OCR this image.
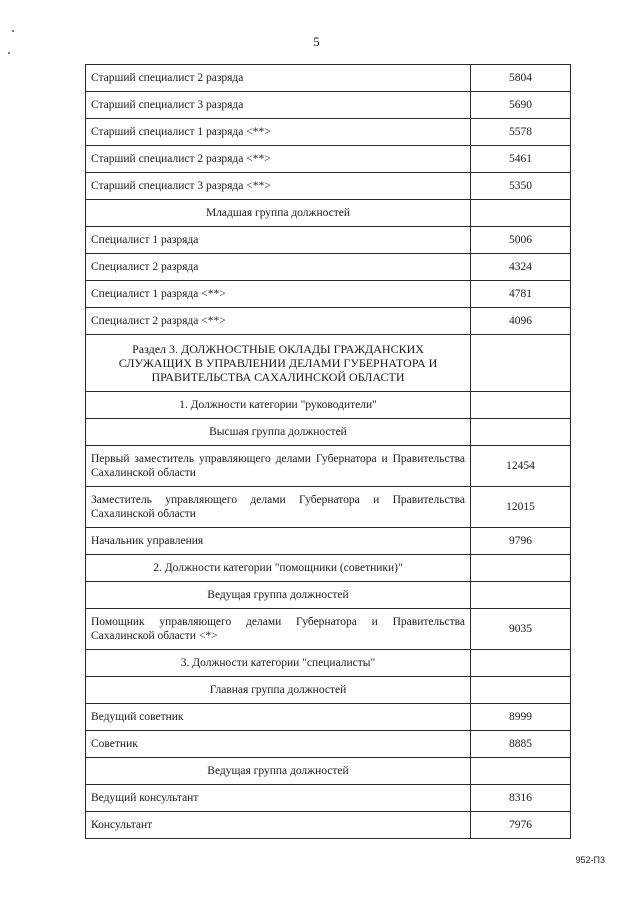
5
Старший специалист 2 разряда	5804
Старший специалист 3 разряда	5690
Старший специалист 1 разряда <**>	5578
Старший специалист 2 разряда <**>	5461
Старший специалист 3 разряда <**>	5350
Младшая группа должностей	
Специалист 1 разряда	5006
Специалист 2 разряда	4324
Специалист 1 разряда <**>	4781
Специалист 2 разряда <**>	4096
Раздел 3. ДОЛЖНОСТНЫЕ ОКЛАДЫ ГРАЖДАНСКИХ СЛУЖАЩИХ В УПРАВЛЕНИИ ДЕЛАМИ ГУБЕРНАТОРА И ПРАВИТЕЛЬСТВА САХАЛИНСКОЙ ОБЛАСТИ	
1. Должности категории "руководители"	
Высшая группа должностей	
Первый заместитель управляющего делами Губернатора и Правительства Сахалинской области	12454
Заместитель управляющего делами Губернатора и Правительства Сахалинской области	12015
Начальник управления	9796
2. Должности категории "помощники (советники)"	
Ведущая группа должностей	
Помощник управляющего делами Губернатора и Правительства Сахалинской области <*>	9035
3. Должности категории "специалисты"	
Главная группа должностей	
Ведущий советник	8999
Советник	8885
Ведущая группа должностей	
Ведущий консультант	8316
Консультант	7976
952-П3
